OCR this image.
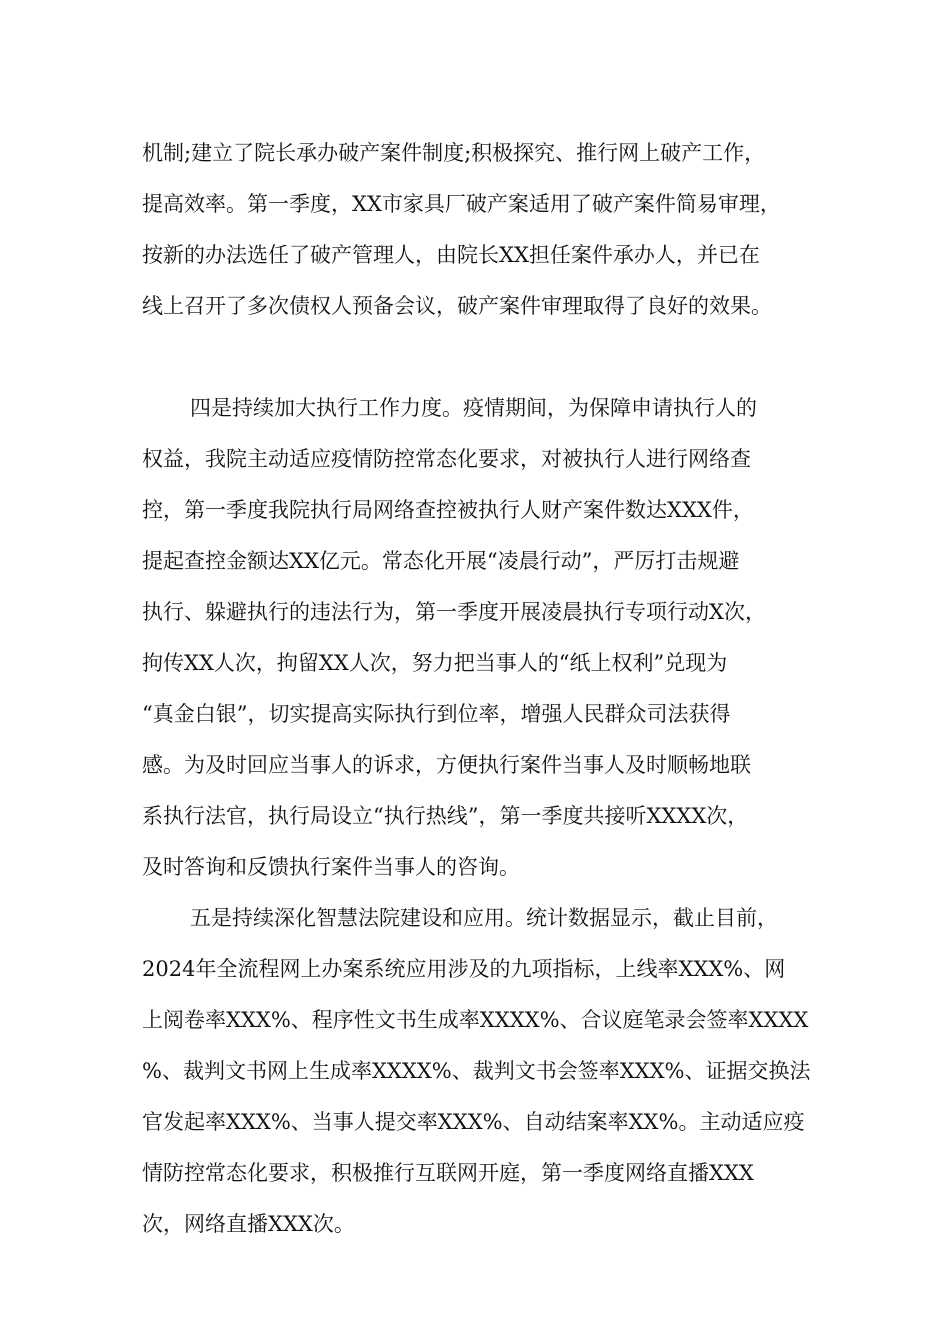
机制;建立了院长承办破产案件制度;积极探究、推行网上破产工作，
提高效率。第一季度，XX市家具厂破产案适用了破产案件简易审理，
按新的办法选任了破产管理人，由院长XX担任案件承办人，并已在
线上召开了多次债权人预备会议，破产案件审理取得了良好的效果。
四是持续加大执行工作力度。疫情期间，为保障申请执行人的
权益，我院主动适应疫情防控常态化要求，对被执行人进行网络查
控，第一季度我院执行局网络查控被执行人财产案件数达XXX件，
提起查控金额达XX亿元。常态化开展“凌晨行动”，严厉打击规避
执行、躲避执行的违法行为，第一季度开展凌晨执行专项行动X次，
拘传XX人次，拘留XX人次，努力把当事人的“纸上权利”兑现为
“真金白银”，切实提高实际执行到位率，增强人民群众司法获得
感。为及时回应当事人的诉求，方便执行案件当事人及时顺畅地联
系执行法官，执行局设立“执行热线”，第一季度共接听XXXX次，
及时答询和反馈执行案件当事人的咨询。
五是持续深化智慧法院建设和应用。统计数据显示，截止目前，
2024年全流程网上办案系统应用涉及的九项指标，上线率XXX%、网
上阅卷率XXX%、程序性文书生成率XXXX%、合议庭笔录会签率XXXX
%、裁判文书网上生成率XXXX%、裁判文书会签率XXX%、证据交换法
官发起率XXX%、当事人提交率XXX%、自动结案率XX%。主动适应疫
情防控常态化要求，积极推行互联网开庭，第一季度网络直播XXX
次，网络直播XXX次。
